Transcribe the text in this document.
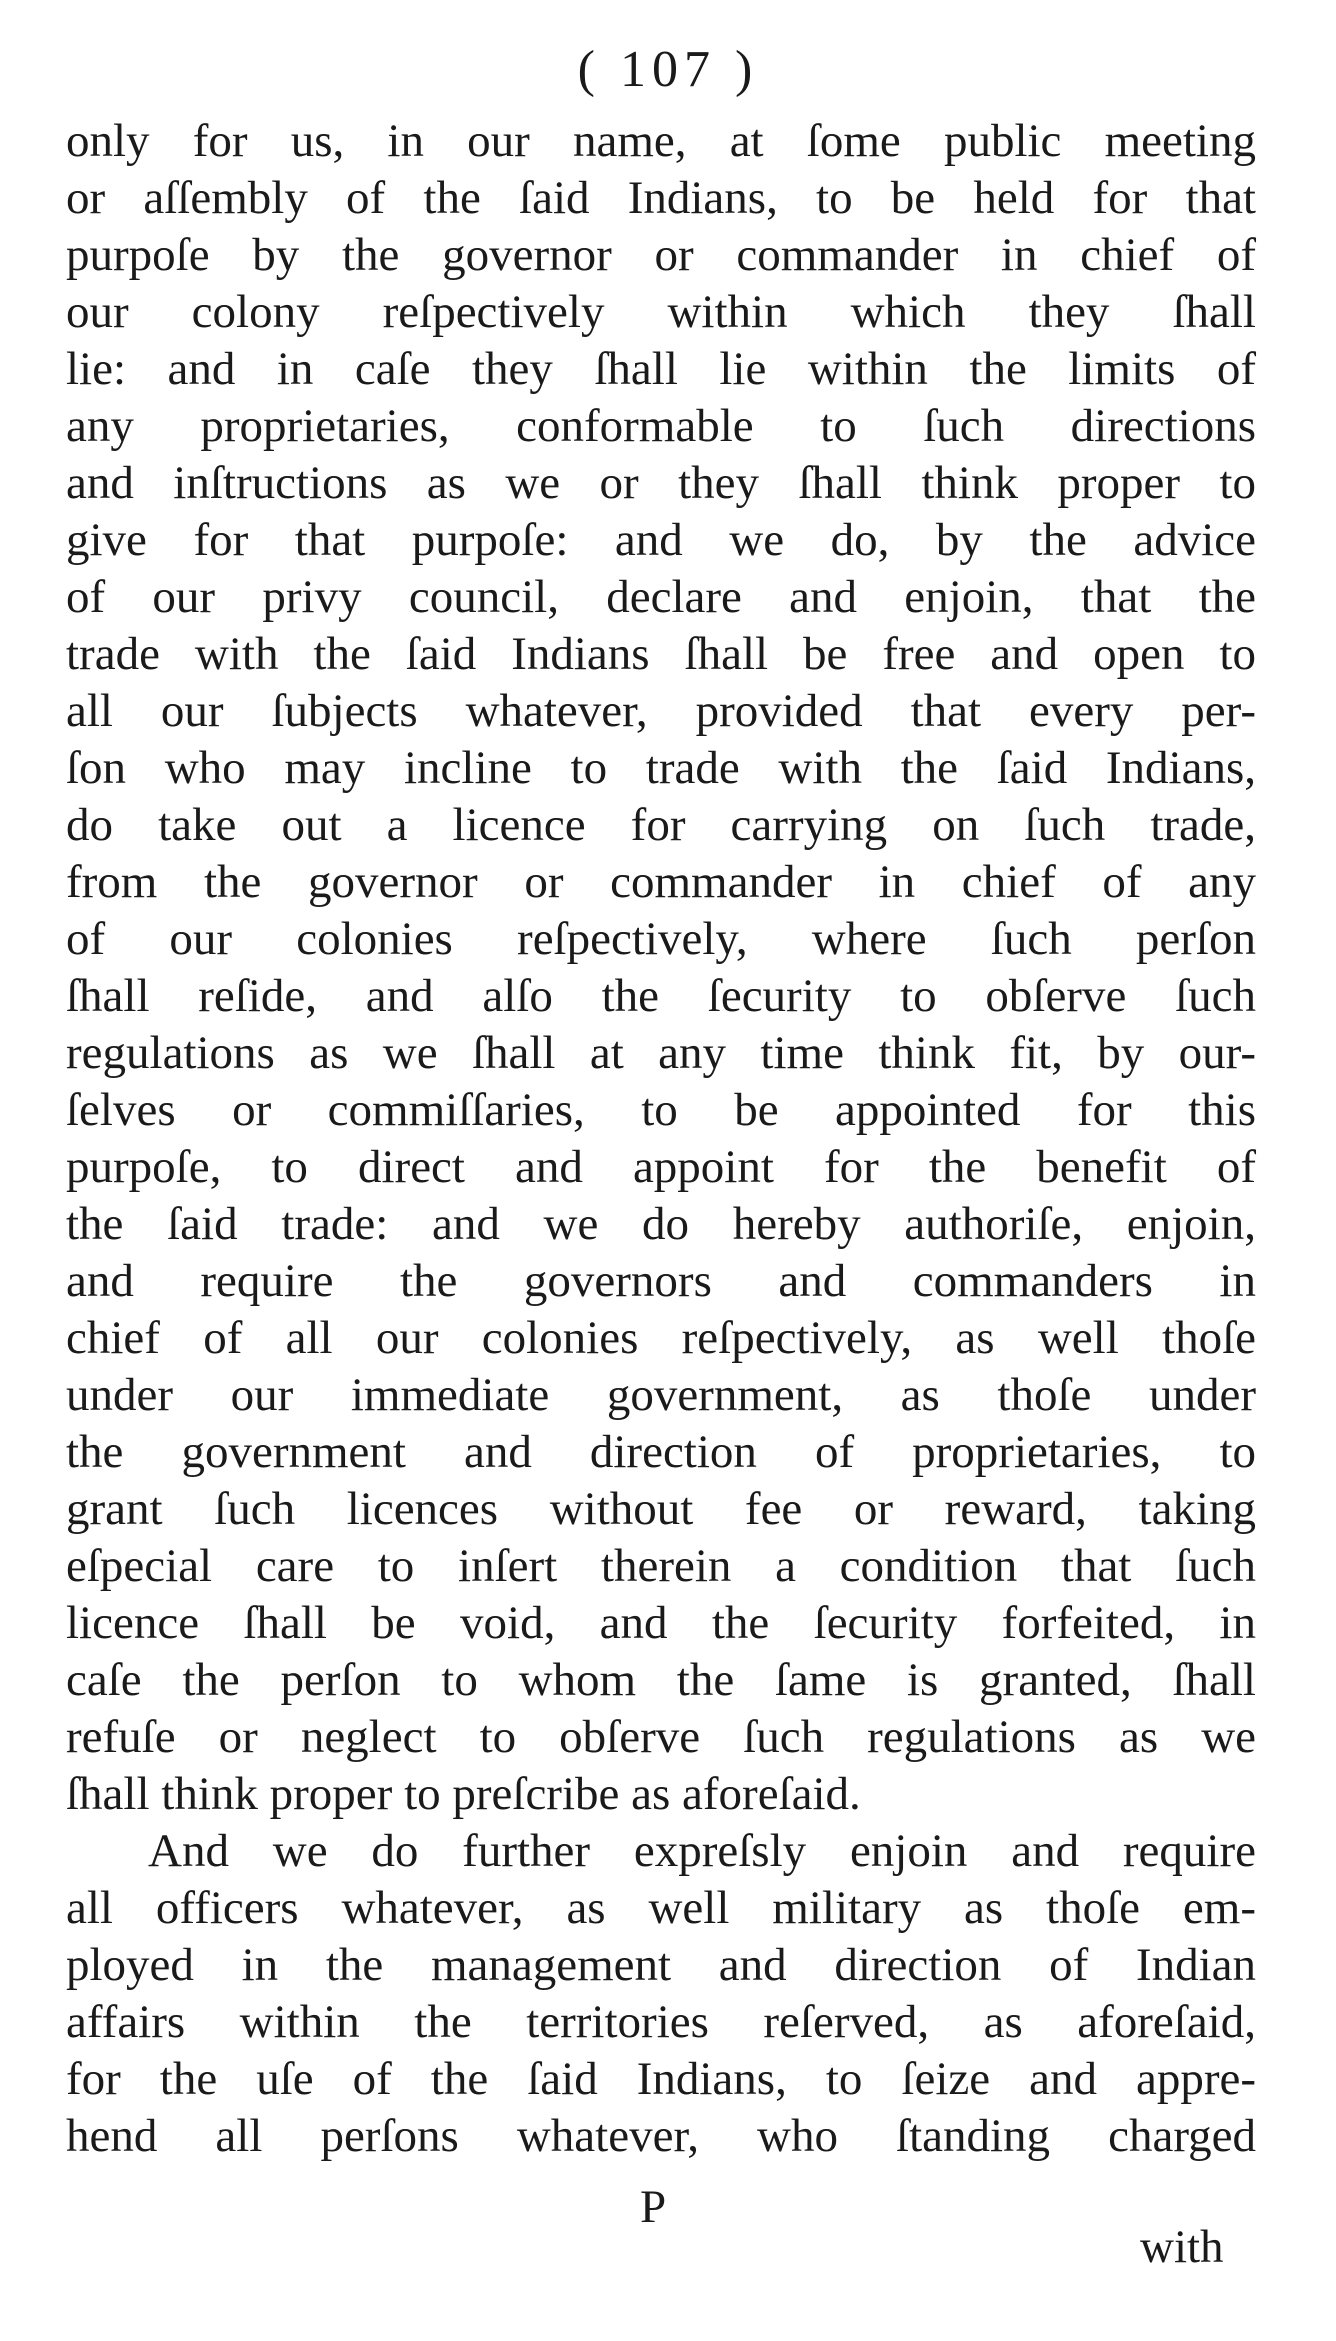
( 107 )
only for us, in our name, at ſome public meeting
or aſſembly of the ſaid Indians, to be held for that
purpoſe by the governor or commander in chief of
our colony reſpectively within which they ſhall
lie: and in caſe they ſhall lie within the limits of
any proprietaries, conformable to ſuch directions
and inſtructions as we or they ſhall think proper to
give for that purpoſe: and we do, by the advice
of our privy council, declare and enjoin, that the
trade with the ſaid Indians ſhall be free and open to
all our ſubjects whatever, provided that every per-
ſon who may incline to trade with the ſaid Indians,
do take out a licence for carrying on ſuch trade,
from the governor or commander in chief of any
of our colonies reſpectively, where ſuch perſon
ſhall reſide, and alſo the ſecurity to obſerve ſuch
regulations as we ſhall at any time think fit, by our-
ſelves or commiſſaries, to be appointed for this
purpoſe, to direct and appoint for the benefit of
the ſaid trade: and we do hereby authoriſe, enjoin,
and require the governors and commanders in
chief of all our colonies reſpectively, as well thoſe
under our immediate government, as thoſe under
the government and direction of proprietaries, to
grant ſuch licences without fee or reward, taking
eſpecial care to inſert therein a condition that ſuch
licence ſhall be void, and the ſecurity forfeited, in
caſe the perſon to whom the ſame is granted, ſhall
refuſe or neglect to obſerve ſuch regulations as we
ſhall think proper to preſcribe as aforeſaid.
And we do further expreſsly enjoin and require
all officers whatever, as well military as thoſe em-
ployed in the management and direction of Indian
affairs within the territories reſerved, as aforeſaid,
for the uſe of the ſaid Indians, to ſeize and appre-
hend all perſons whatever, who ſtanding charged
P
with
